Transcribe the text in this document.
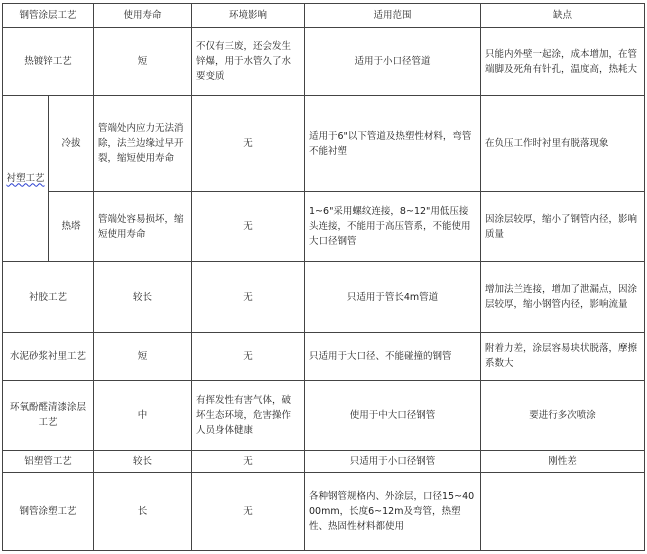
钢管涂层工艺		使用寿命	环境影响	适用范围	缺点
热镀锌工艺		短	不仅有三废，还会发生锌爆，用于水管久了水要变质	适用于小口径管道	只能内外壁一起涂，成本增加，在管端脚及死角有针孔，温度高，热耗大
衬塑工艺	冷拔	管端处内应力无法消除，法兰边缘过早开裂，缩短使用寿命	无	适用于6"以下管道及热塑性材料，弯管不能衬塑	在负压工作时衬里有脱落现象
	热塔	管端处容易损坏，缩短使用寿命	无	1~6"采用螺纹连接，8~12"用低压接头连接，不能用于高压管系，不能使用大口径钢管	因涂层较厚，缩小了钢管内径，影响质量
衬胶工艺		较长	无	只适用于管长4m管道	增加法兰连接，增加了泄漏点，因涂层较厚，缩小钢管内径，影响流量
水泥砂浆衬里工艺		短	无	只适用于大口径、不能碰撞的钢管	附着力差，涂层容易块状脱落，摩擦系数大
环氧酚醛清漆涂层工艺		中	有挥发性有害气体，破坏生态环境，危害操作人员身体健康	使用于中大口径钢管	要进行多次喷涂
铝塑管工艺		较长	无	只适用于小口径钢管	刚性差
钢管涂塑工艺		长	无	各种钢管规格内、外涂层，口径15~4000mm，长度6~12m及弯管，热塑性、热固性材料都使用	
